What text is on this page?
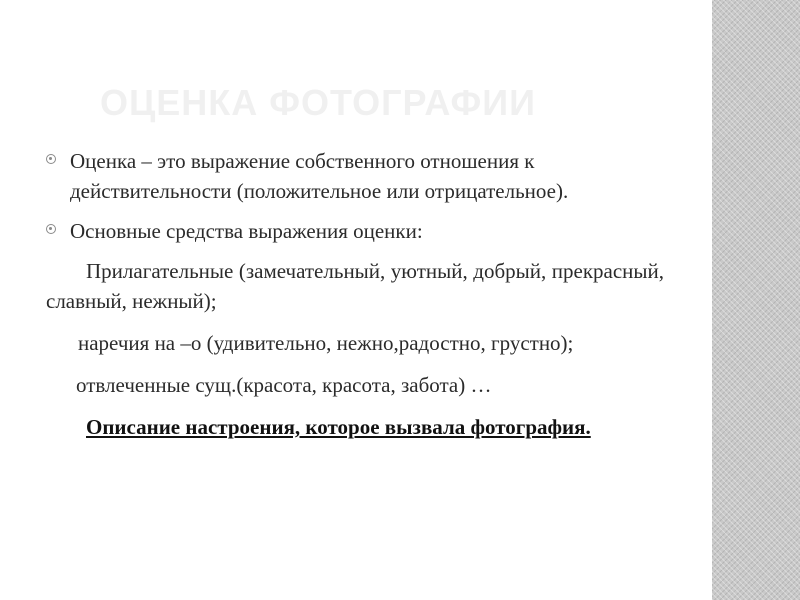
ОЦЕНКА ФОТОГРАФИИ
Оценка – это выражение собственного отношения к действительности (положительное или отрицательное).
Основные средства выражения оценки:
Прилагательные (замечательный, уютный, добрый, прекрасный, славный, нежный);
наречия на –о (удивительно, нежно,радостно, грустно);
отвлеченные сущ.(красота, красота, забота) …
Описание настроения, которое вызвала фотография.
